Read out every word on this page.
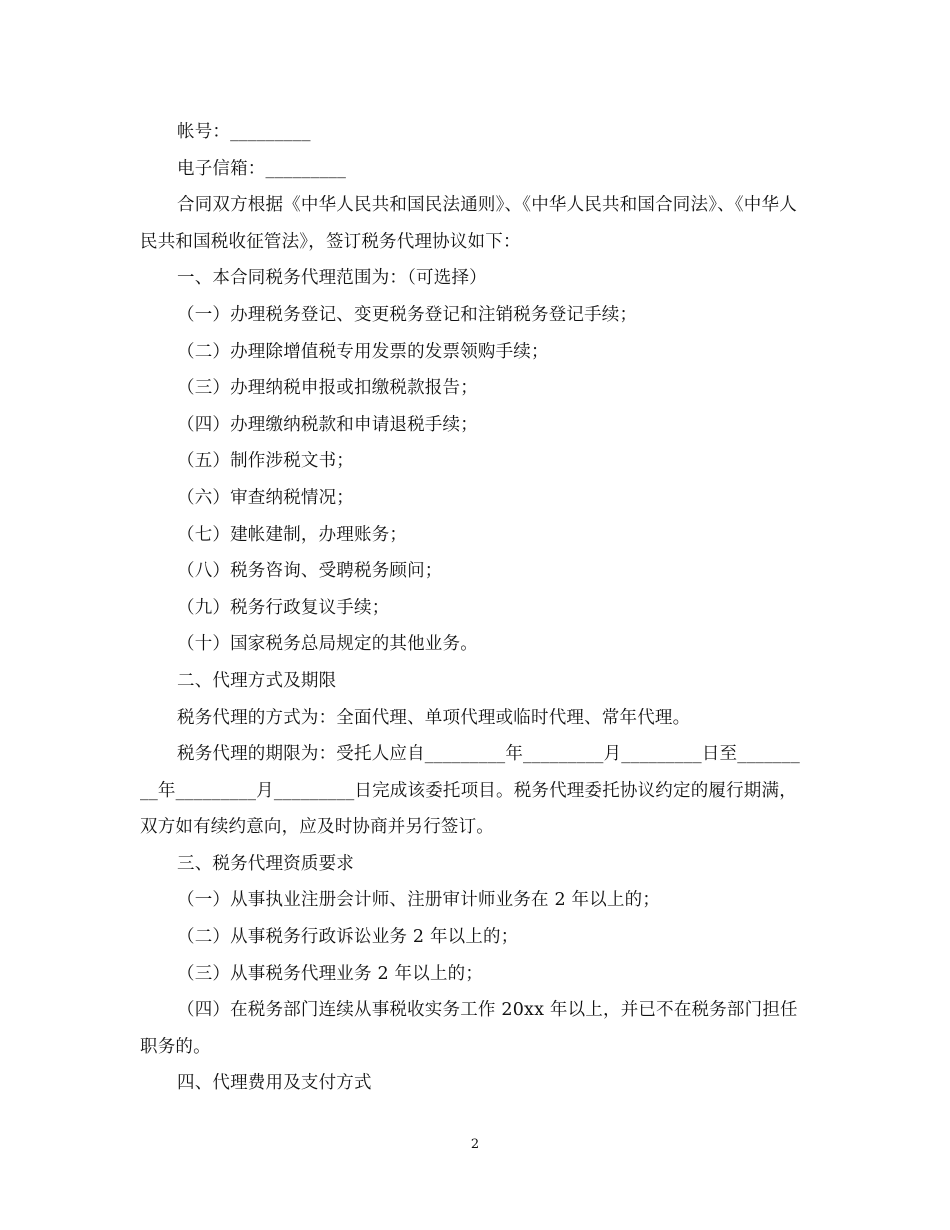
帐号：_________

电子信箱：_________

合同双方根据《中华人民共和国民法通则》、《中华人民共和国合同法》、《中华人民共和国税收征管法》，签订税务代理协议如下：

一、本合同税务代理范围为：（可选择）

（一）办理税务登记、变更税务登记和注销税务登记手续；

（二）办理除增值税专用发票的发票领购手续；

（三）办理纳税申报或扣缴税款报告；

（四）办理缴纳税款和申请退税手续；

（五）制作涉税文书；

（六）审查纳税情况；

（七）建帐建制，办理账务；

（八）税务咨询、受聘税务顾问；

（九）税务行政复议手续；

（十）国家税务总局规定的其他业务。

二、代理方式及期限

税务代理的方式为：全面代理、单项代理或临时代理、常年代理。

税务代理的期限为：受托人应自_________年_________月_________日至_________年_________月_________日完成该委托项目。税务代理委托协议约定的履行期满，双方如有续约意向，应及时协商并另行签订。

三、税务代理资质要求

（一）从事执业注册会计师、注册审计师业务在 2 年以上的；

（二）从事税务行政诉讼业务 2 年以上的；

（三）从事税务代理业务 2 年以上的；

（四）在税务部门连续从事税收实务工作 20xx 年以上，并已不在税务部门担任职务的。

四、代理费用及支付方式

2
